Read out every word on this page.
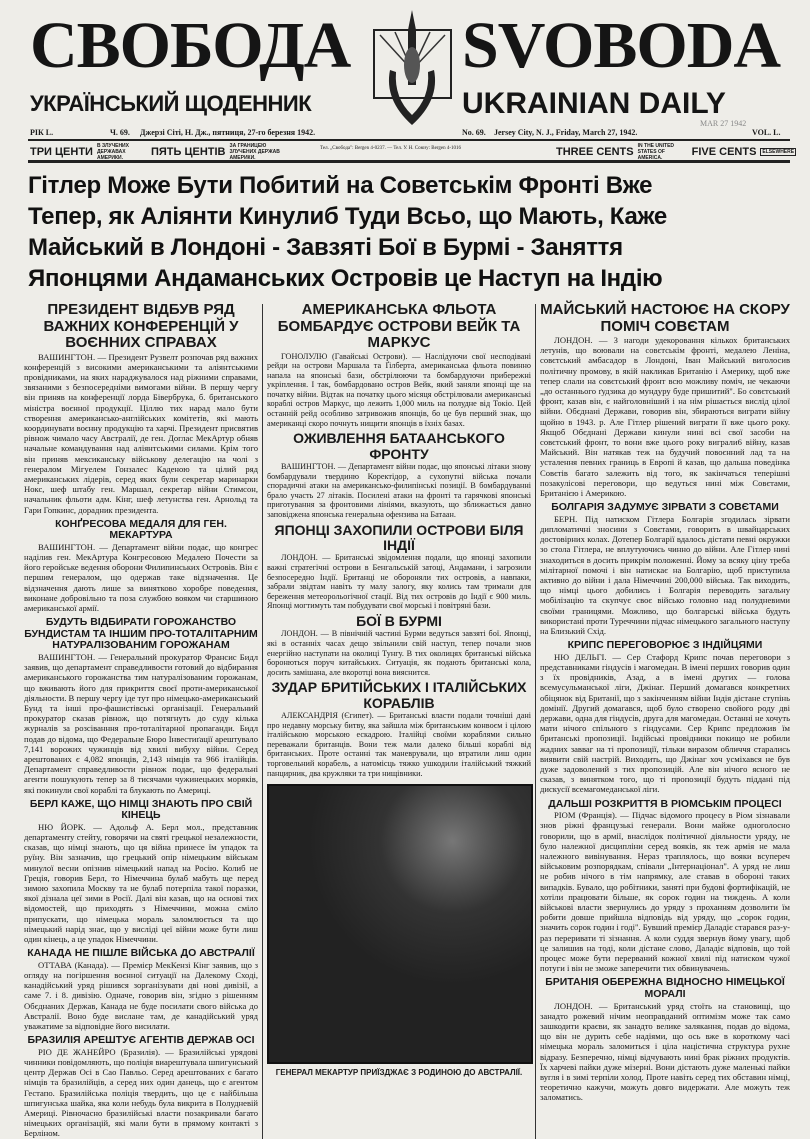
СВОБОДА SVOBODA
УКРАЇНСЬКИЙ ЩОДЕННИК	UKRAINIAN DAILY
РІК L.	Ч. 69. Джерзі Сіті, Н. Дж., пятниця, 27-го березня 1942.	No. 69. Jersey City, N. J., Friday, March 27, 1942.
MAR 27 1942
VOL. L.
ТРИ ЦЕНТИ В ЗЛУЧЕНИХ ДЕРЖАВАХ АМЕРИКИ.	ПЯТЬ ЦЕНТІВ ЗА ГРАНИЦЕЮ ЗЛУЧЕНИХ ДЕРЖАВ АМЕРИКИ.
Тел. „Свобода": Bergen 4-0237. — Тел. У. Н. Союзу: Bergen 4-1016	THREE CENTS IN THE UNITED STATES OF AMERICA.	FIVE CENTS	ELSEWHERE
Гітлер Може Бути Побитий на Советськім Фронті Вже
Тепер, як Аліянти Кинулиб Туди Всьо, що Мають, Каже
Майський в Лондоні - Завзяті Бої в Бурмі - Заняття
Японцями Андаманських Островів це Наступ на Індію
ПРЕЗИДЕНТ ВІДБУВ РЯД ВАЖНИХ КОНФЕРЕНЦІЙ У ВОЄННИХ СПРАВАХ
ВАШИНГТОН. — Президент Рузвелт розпочав ряд важних конференцій з високими американськими та аліянтськими провідниками, на яких нараджувалося над ріжними справами, звязаними з безпосередніми вимогами війни. В першу чергу він приняв на конференції лорда Бівербрука, б. британського міністра воєнної продукції. Ціллю тих нарад мало бути створення американсько-англійських комітетів, які мають координувати воєнну продукцію та харчі. Президент присвятив рівнож чимало часу Австралії, де ген. Доглас МекАртур обняв начальне командування над аліянтськими силами. Крім того він приняв мексиканську військову делегацію на чолі з генералом Мігуелем Гонзалес Каденою та цілий ряд американських лідерів, серед яких були секретар маринарки Нокс, шеф штабу ген. Маршал, секретар війни Стимсон, начальник фльоти адм. Кінг, шеф летунства ген. Арнольд та Гари Гопкинс, дорадник президента.
КОНҐРЕСОВА МЕДАЛЯ ДЛЯ ГЕН. МЕКАРТУРА
ВАШИНГТОН. — Департамент війни подає, що конгрес наділив ген. МекАртура Конгресовою Медалею Почести за його геройське ведення оборони Филипинських Островів. Він є першим генералом, що одержав таке відзначення. Це відзначення дають лише за винятково хоробре поведення, виконане добровільно та поза службою вояком чи старшиною американської армії.
БУДУТЬ ВІДБИРАТИ ГОРОЖАНСТВО БУНДИСТАМ ТА ІНШИМ ПРО-ТОТАЛІТАРНИМ НАТУРАЛІЗОВАНИМ ГОРОЖАНАМ
ВАШИНГТОН. — Генеральний прокуратор Франсис Бидл заявив, що департамент справедливости готовий до відбирання американського горожанства тим натуралізованим горожанам, що вживають його для прикриття своєї проти-американської діяльности. В першу чергу іде тут про німецько-американський Бунд та інші про-фашистівські організації. Генеральний прокуратор сказав рівнож, що потягнуть до суду кілька журналів за розсіванння про-тоталітарної пропаганди. Бидл подав до відома, що Федеральне Бюро Інвестиґації арештувало 7,141 ворожих чужинців від хвилі вибуху війни. Серед арештованих є 4,082 японців, 2,143 німців та 966 італійців. Департамент справедливости рівнож подає, що федеральні агенти пошукують тепер за 8 тисячами чужинецьких моряків, які покинули свої кораблі та блукають по Америці.
БЕРЛ КАЖЕ, ЩО НІМЦІ ЗНАЮТЬ ПРО СВІЙ КІНЕЦЬ
НЮ ЙОРК. — Адольф А. Берл мол., представник департаменту стейту, говорячи на святі грецької незалежности, сказав, що німці знають, що ця війна принесе їм упадок та руїну. Він зазначив, що грецький опір німецьким військам минулої весни опізнив німецький напад на Росію. Колиб не Греція, говорив Берл, то Німеччина булаб мабуть ще перед зимою захопила Москву та не булаб потерпіла такої поразки, якої дізнала цеї зими в Росії. Далі він казав, що на основі тих відомостей, що приходять з Німеччини, можна сміло припускати, що німецька мораль заломлюється та що німецький нарід знає, що у висліді цеї війни може бути лиш один кінець, а це упадок Німеччини.
КАНАДА НЕ ПІШЛЕ ВІЙСЬКА ДО АВСТРАЛІЇ
ОТТАВА (Канада). — Премієр МекКензі Кінг заявив, що з огляду на погіршення воєнної ситуації на Далекому Сході, канадійський уряд рішився зорганізувати дві нові дивізії, а саме 7. і 8. дивізію. Одначе, говорив він, згідно з рішенням Обєднаних Держав, Канада не буде посилати свого війська до Австралії. Воно буде вислане там, де канадійський уряд уважатиме за відповідне його висилати.
БРАЗИЛІЯ АРЕШТУЄ АГЕНТІВ ДЕРЖАВ ОСІ
РІО ДЕ ЖАНЕЙРО (Бразилія). — Бразилійські урядові чинники повідомляють, що поліція виарештувала шпигунський центр Держав Осі в Сао Павльо. Серед арештованих є багато німців та бразилійців, а серед них один данець, що є агентом Гестапо. Бразилійська поліція твердить, що це є найбільша шпигунська шайка, яка коли небудь була викрита в Полудневій Америці. Рівночасно бразилійські власти позакривали багато німецьких організацій, які мали бути в прямому контакті з Берліном.
АМЕРИКАНСЬКА ФЛЬОТА БОМБАРДУЄ ОСТРОВИ ВЕЙК ТА МАРКУС
ГОНОЛУЛЮ (Гавайські Острови). — Наслідуючи свої несподівані рейди на острови Маршала та Ґілберта, американська фльота повинно напала на японські бази, обстрілюючи та бомбардуючи прибережні укріплення. І так, бомбардовано остров Вейк, який заняли японці ще на початку війни. Відтак на початку цього місяця обстрілювали американські кораблі остров Маркус, що лежить 1,000 миль на полудне від Токіо. Цей останній рейд особливо затривожив японців, бо це був перший знак, що американці скоро почнуть нищити японців в їхніх базах.
ОЖИВЛЕННЯ БАТААНСЬКОГО ФРОНТУ
ВАШИНГТОН. — Департамент війни подає, що японські літаки знову бомбардували твердиню Коректідор, а сухопутні війська почали спорадичні атаки на американсько-филипінські позиції. В бомбардуванні брало участь 27 літаків. Посилені атаки на фронті та гарячкові японські приготування за фронтовими лініями, вказують, що зближається давно заповіджена японська генеральна офензива на Батаан.
ЯПОНЦІ ЗАХОПИЛИ ОСТРОВИ БІЛЯ ІНДІЇ
ЛОНДОН. — Британські звідомлення подали, що японці захопили важні стратегічні острови в Бенгальській затоці, Андамани, і загрозили безпосередно Індії. Британці не обороняли тих островів, а навпаки, забрали звідтам навіть ту малу залогу, яку колись там тримали для береження метеорольогічної стації. Від тих островів до Індії є 900 миль. Японці могтимуть там побудувати свої морські і повітряні бази.
БОЇ В БУРМІ
ЛОНДОН. — В північній частині Бурми ведуться завзяті бої. Японці, які в останніх часах дещо звільнили свій наступ, тепер почали знов енергійно наступати на околиці Тунгу. В тих околицях британські війська боронються поруч китайських. Ситуація, як подають британські кола, досить замішана, але вкоротці вона вияснится.
ЗУДАР БРИТІЙСЬКИХ І ІТАЛІЙСЬКИХ КОРАБЛІВ
АЛЕКСАНДРІЯ (Єгипет). — Британські власти подали точніші дані про недавну морську битву, яка зайшла між британським конвоєм і цілою італійською морською ескадрою. Італійці своїми кораблями сильно переважали британців. Вони теж мали далеко більші кораблі від британських. Проте останні так маневрували, що втратили лиш один торговельний корабель, а натомісць тяжко ушкодили італійський тяжкий панцирник, два кружляки та три нищівники.
ГЕНЕРАЛ МЕКАРТУР ПРИЇЗДЖАЄ З РОДИНОЮ ДО АВСТРАЛІЇ.
МАЙСЬКИЙ НАСТОЮЄ НА СКОРУ ПОМІЧ СОВЄТАМ
ЛОНДОН. — З нагоди удекоровання кількох британських летунів, що воювали на совєтськім фронті, медалею Леніна, совєтський амбасадор в Лондоні, Іван Майський виголосив політичну промову, в якій накликав Британію і Америку, щоб вже тепер слали на совєтський фронт всю можливу поміч, не чекаючи „до останнього ґудзика до мундуру буде пришитий". Бо совєтський фронт, казав він, є найголовніший і на нім рішається вислід цілої війни. Обєднані Держави, говорив він, збираються виграти війну щойно в 1943. р. Але Гітлер рішений виграти її вже цього року. Якщоб Обєднані Держави кинули нині всі свої засоби на совєтський фронт, то вони вже цього року виграли6 війну, казав Майський. Він натякав теж на будучий повоєнний лад та на усталення певних границь в Европі й казав, що дальша поведінка Совєтів багато залежить від того, як закінчаться теперішні позакулісові переговори, що ведуться нині між Совєтами, Британією і Америкою.
БОЛГАРІЯ ЗАДУМУЄ ЗІРВАТИ З СОВЄТАМИ
БЕРН. Під натиском Гітлера Болгарія згодилась зірвати дипломатичні зносини з Совєтами, говорить в швайцарських достовірних колах. Дотепер Болгарії вдалось дістати певні окружки зо стола Гітлера, не вплутуючись чинно до війни. Але Гітлер нині знаходиться в досить прикрім положенні. Йому за всяку ціну треба мілітарної помочі і він натискає на Болгарію, щоб приступила активно до війни і дала Німеччині 200,000 війська. Так виходить, що німці цього добились і Болгарія переводить загальну мобілізацію та скупчує своє військо головно над полудневими своїми границями. Можливо, що болгарські війська будуть використані проти Туреччини підчас німецького загального наступу на Близький Схід.
КРИПС ПЕРЕГОВОРЮЄ З ІНДІЙЦЯМИ
НЮ ДЕЛЬГІ. — Сер Стафорд Крипс почав переговори з представниками гіндусів і магомедан. В імені перших говорив один з їх провідників, Азад, а в імені других — голова всемусульманської ліги, Джінаг. Перший домагався конкретних обіцянок від Британії, що з закінченням війни Індія дістане ступінь домінії. Другий домагався, щоб було створено свойого роду дві держави, одна для гіндусів, друга для магомедан. Останні не хочуть мати нічого спільного з гіндусами. Сер Крипс предложив їм британські пропозиції. Індійські провідники покищо не робили жадних завваг на ті пропозиції, тільки виразом обличчя старались виявити свій настрій. Виходить, що Джінаг хоч усміхався не був дуже задоволений з тих пропозицій. Але він нічого ясного не сказав, з винятком того, що ті пропозиції будуть піддані під дискусії всемагомеданської ліги.
ДАЛЬШІ РОЗКРИТТЯ В РІОМСЬКІМ ПРОЦЕСІ
РІОМ (Франція). — Підчас відомого процесу в Ріом зізнавали знов ріжні французькі генерали. Вони майже одноголосно говорили, що в армії, внаслідок політичної діяльности уряду, не було належної дисципліни серед вояків, як теж армія не мала належного вивінування. Нераз траплялось, що вояки всупереч військовим розпорядкам, співали „Інтернаціонал". А уряд не лиш не робив нічого в тім напрямку, але ставав в обороні таких випадків. Бувало, що робітники, заняті при будові фортифікацій, не хотіли працювати більше, як сорок годин на тиждень. А коли військові власти звернулись до уряду з проханням дозволити їм робити довше прийшла відповідь від уряду, що „сорок годин, значить сорок годин і годі". Бувший премієр Даладіє старався раз-у-раз переривати ті зізнання. А коли суддя звернув йому увагу, щоб це залишив на тоді, коли дістане слово, Даладіє відповів, що той процес може бути перерваний кожної хвилі під натиском чужої потуги і він не зможе заперечити тих обвинувачень.
БРИТАНІЯ ОБЕРЕЖНА ВІДНОСНО НІМЕЦЬКОЇ МОРАЛІ
ЛОНДОН. — Британський уряд стоїть на становищі, що занадто рожевий нічим неоправданий оптимізм може так само зашкодити краєви, як занадто велике залякання, подав до відома, що він не дурить себе надіями, що ось вже в короткому часі німецька мораль заломиться і ціла націстична структура рухне відразу. Безперечно, німці відчувають нині брак ріжних продуктів. Їх харчеві пайки дуже мізерні. Вони дістають дуже маленькі пайки вугля і в зимі терпіли холод. Проте навіть серед тих обставин німці, теоретично кажучи, можуть довго видержати. Але можуть теж заломатись.
